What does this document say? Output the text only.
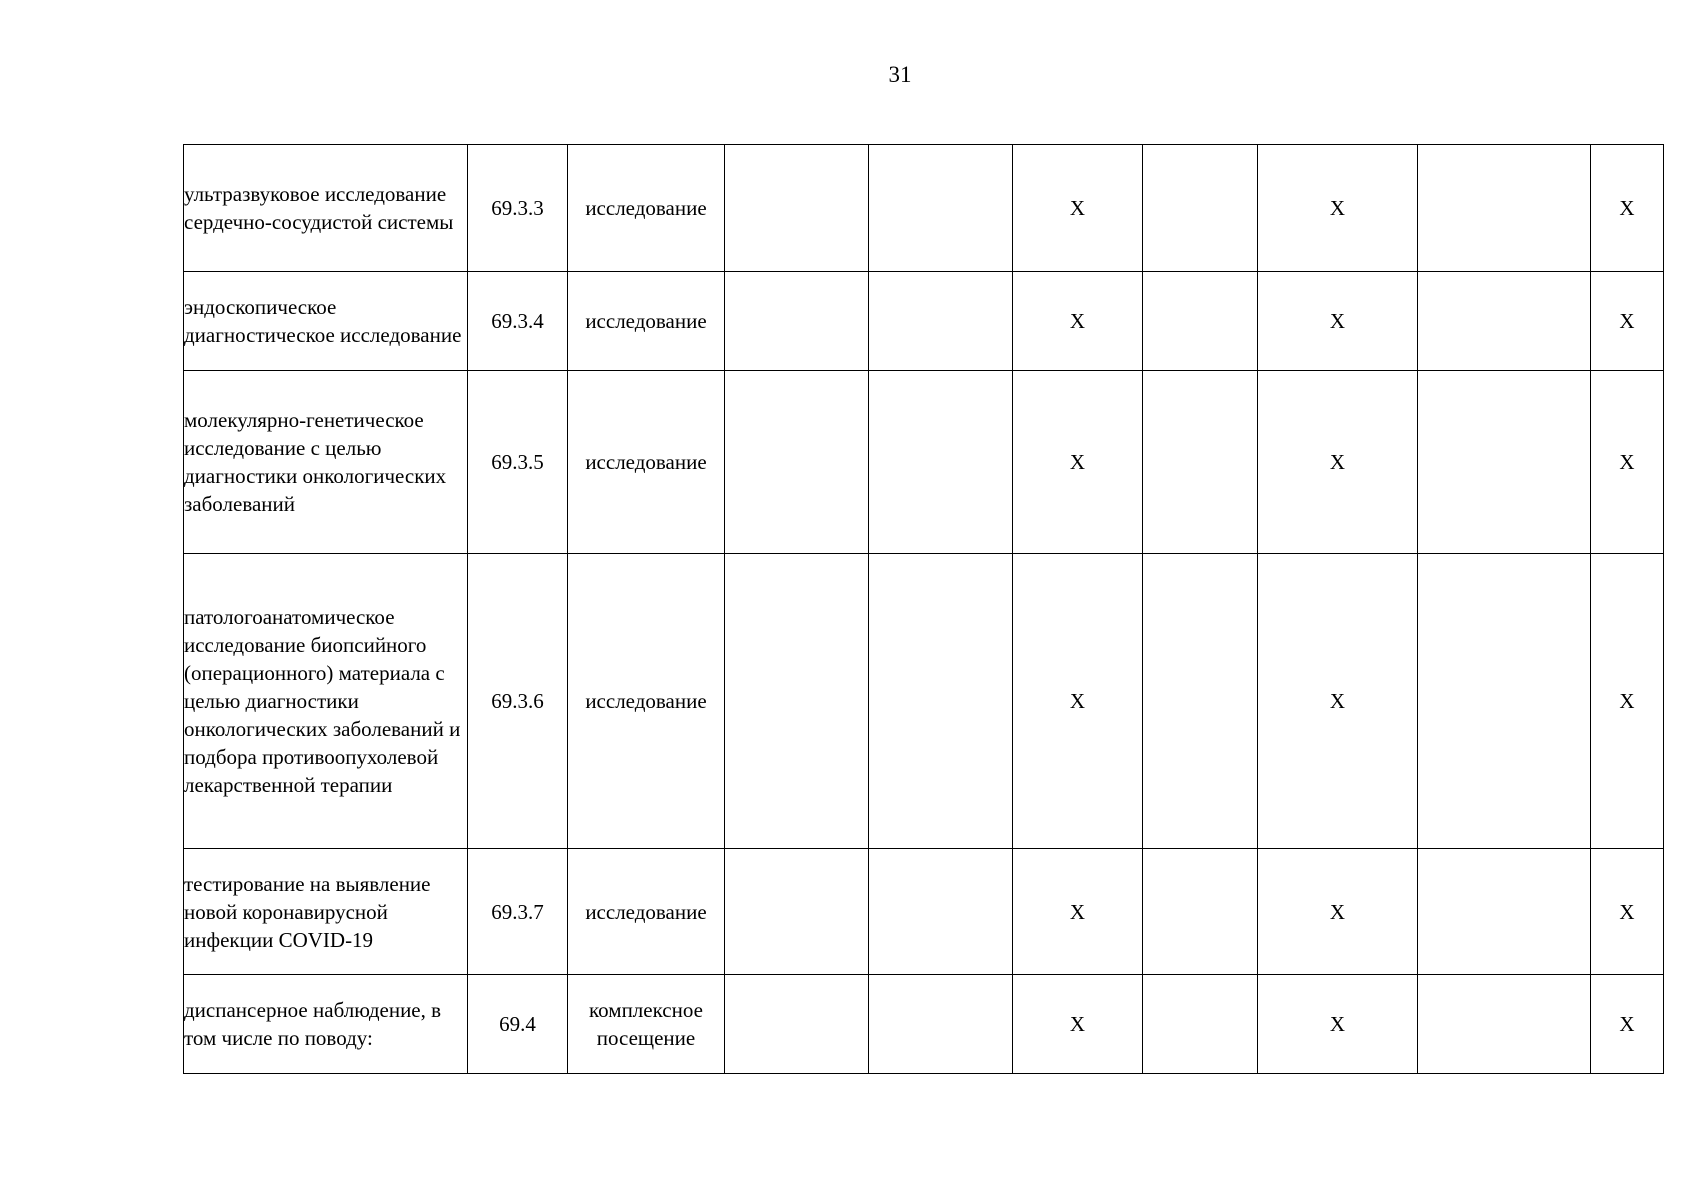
31
ультразвуковое исследование сердечно-сосудистой системы	69.3.3	исследование			X		X		X
эндоскопическое диагностическое исследование	69.3.4	исследование			X		X		X
молекулярно-генетическое исследование с целью диагностики онкологических заболеваний	69.3.5	исследование			X		X		X
патологоанатомическое исследование биопсийного (операционного) материала с целью диагностики онкологических заболеваний и подбора противоопухолевой лекарственной терапии	69.3.6	исследование			X		X		X
тестирование на выявление новой коронавирусной инфекции COVID-19	69.3.7	исследование			X		X		X
диспансерное наблюдение, в том числе по поводу:	69.4	комплексное посещение			X		X		X
